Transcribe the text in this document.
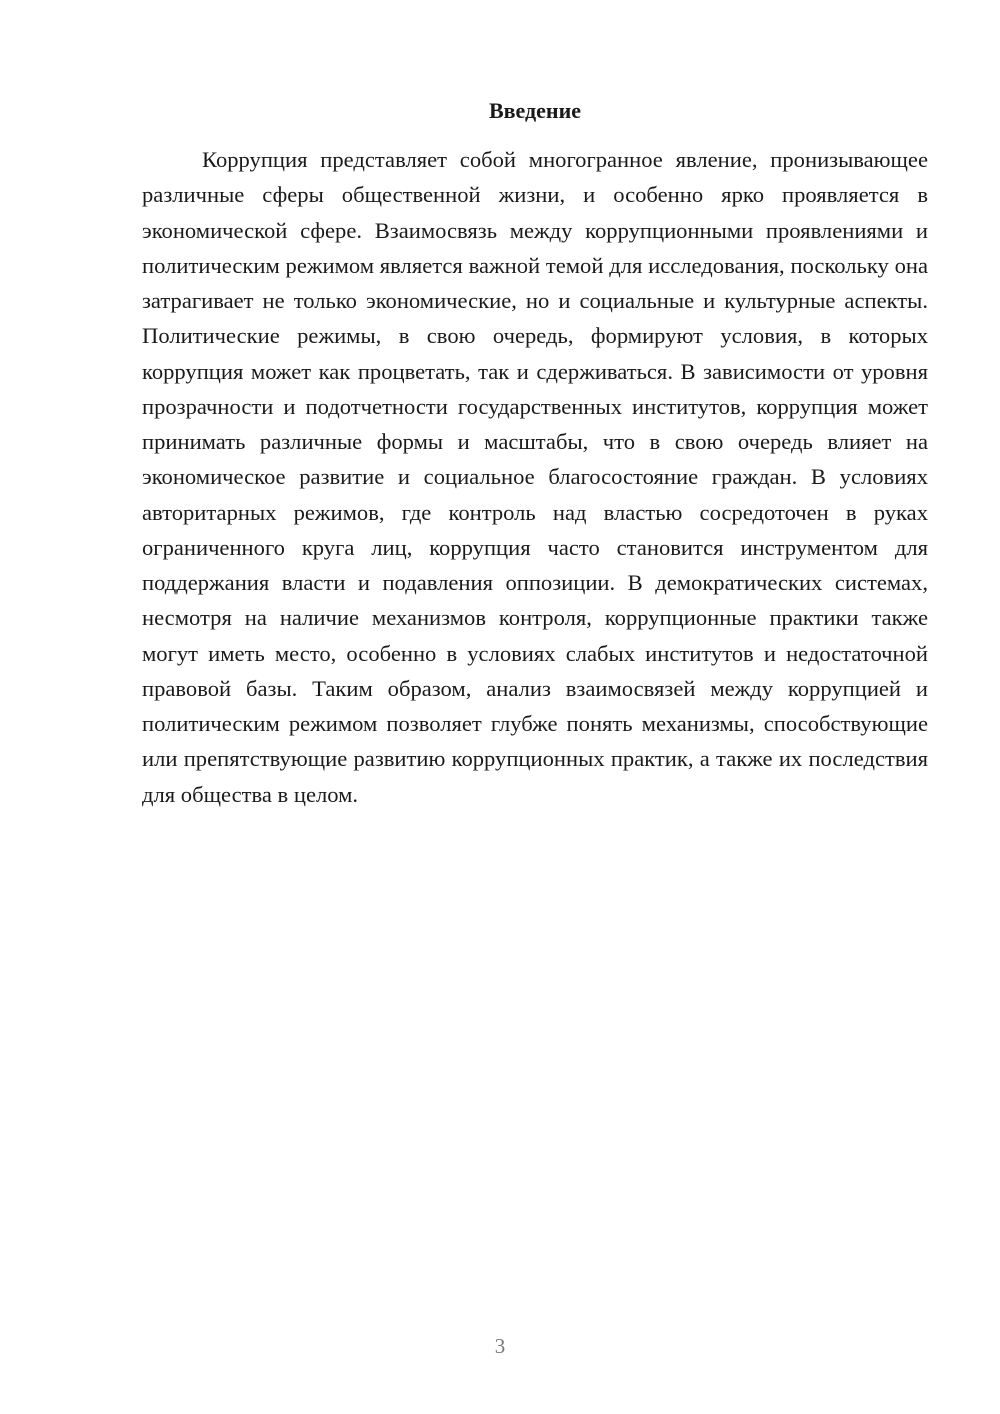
Введение

Коррупция представляет собой многогранное явление, пронизывающее различные сферы общественной жизни, и особенно ярко проявляется в экономической сфере. Взаимосвязь между коррупционными проявлениями и политическим режимом является важной темой для исследования, поскольку она затрагивает не только экономические, но и социальные и культурные аспекты. Политические режимы, в свою очередь, формируют условия, в которых коррупция может как процветать, так и сдерживаться. В зависимости от уровня прозрачности и подотчетности государственных институтов, коррупция может принимать различные формы и масштабы, что в свою очередь влияет на экономическое развитие и социальное благосостояние граждан. В условиях авторитарных режимов, где контроль над властью сосредоточен в руках ограниченного круга лиц, коррупция часто становится инструментом для поддержания власти и подавления оппозиции. В демократических системах, несмотря на наличие механизмов контроля, коррупционные практики также могут иметь место, особенно в условиях слабых институтов и недостаточной правовой базы. Таким образом, анализ взаимосвязей между коррупцией и политическим режимом позволяет глубже понять механизмы, способствующие или препятствующие развитию коррупционных практик, а также их последствия для общества в целом.

3
